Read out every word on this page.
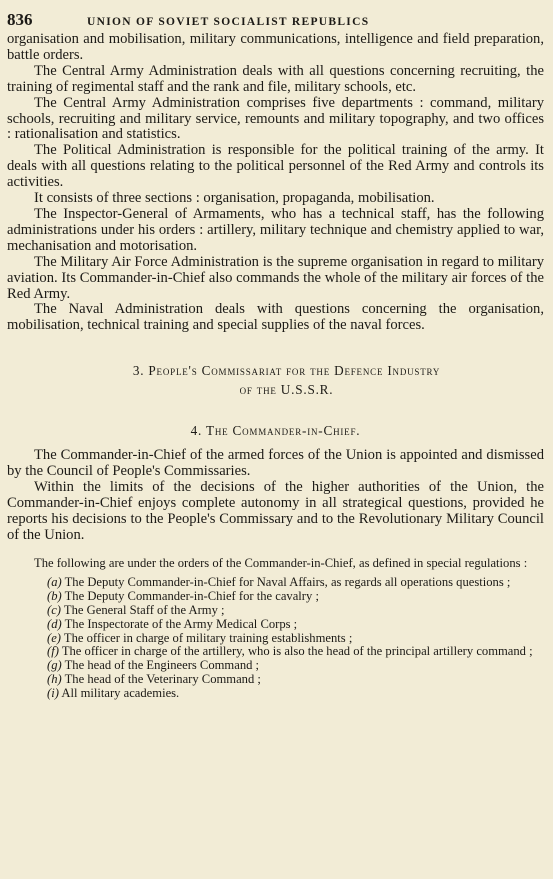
836	UNION OF SOVIET SOCIALIST REPUBLICS

organisation and mobilisation, military communications, intelligence and field preparation, battle orders.

The Central Army Administration deals with all questions concerning recruiting, the training of regimental staff and the rank and file, military schools, etc.

The Central Army Administration comprises five departments : command, military schools, recruiting and military service, remounts and military topography, and two offices : rationalisation and statistics.

The Political Administration is responsible for the political training of the army. It deals with all questions relating to the political personnel of the Red Army and controls its activities.

It consists of three sections : organisation, propaganda, mobilisation.

The Inspector-General of Armaments, who has a technical staff, has the following administrations under his orders : artillery, military technique and chemistry applied to war, mechanisation and motorisation.

The Military Air Force Administration is the supreme organisation in regard to military aviation. Its Commander-in-Chief also commands the whole of the military air forces of the Red Army.

The Naval Administration deals with questions concerning the organisation, mobilisation, technical training and special supplies of the naval forces.

3. People's Commissariat for the Defence Industry
of the U.S.S.R.
4. The Commander-in-Chief.

The Commander-in-Chief of the armed forces of the Union is appointed and dismissed by the Council of People's Commissaries.

Within the limits of the decisions of the higher authorities of the Union, the Commander-in-Chief enjoys complete autonomy in all strategical questions, provided he reports his decisions to the People's Commissary and to the Revolutionary Military Council of the Union.

The following are under the orders of the Commander-in-Chief, as defined in special regulations :

(a) The Deputy Commander-in-Chief for Naval Affairs, as regards all operations questions ;
(b) The Deputy Commander-in-Chief for the cavalry ;
(c) The General Staff of the Army ;
(d) The Inspectorate of the Army Medical Corps ;
(e) The officer in charge of military training establishments ;
(f) The officer in charge of the artillery, who is also the head of the principal artillery command ;
(g) The head of the Engineers Command ;
(h) The head of the Veterinary Command ;
(i) All military academies.
